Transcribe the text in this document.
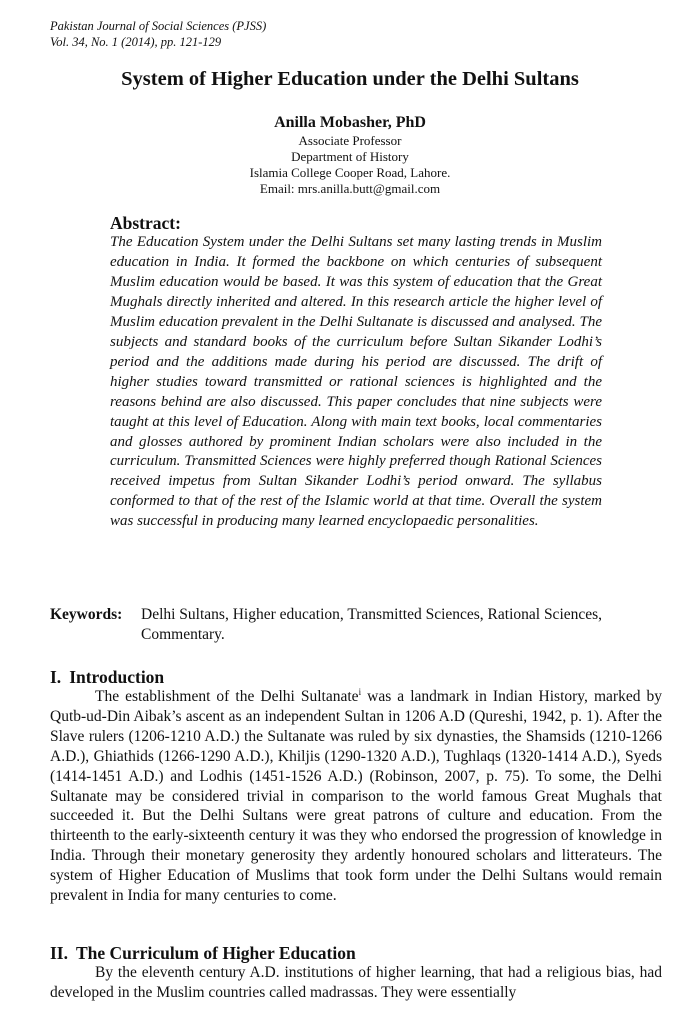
Pakistan Journal of Social Sciences (PJSS)
Vol. 34, No. 1 (2014), pp. 121-129
System of Higher Education under the Delhi Sultans
Anilla Mobasher, PhD
Associate Professor
Department of History
Islamia College Cooper Road, Lahore.
Email: mrs.anilla.butt@gmail.com
Abstract:
The Education System under the Delhi Sultans set many lasting trends in Muslim education in India. It formed the backbone on which centuries of subsequent Muslim education would be based. It was this system of education that the Great Mughals directly inherited and altered. In this research article the higher level of Muslim education prevalent in the Delhi Sultanate is discussed and analysed. The subjects and standard books of the curriculum before Sultan Sikander Lodhi’s period and the additions made during his period are discussed. The drift of higher studies toward transmitted or rational sciences is highlighted and the reasons behind are also discussed. This paper concludes that nine subjects were taught at this level of Education. Along with main text books, local commentaries and glosses authored by prominent Indian scholars were also included in the curriculum. Transmitted Sciences were highly preferred though Rational Sciences received impetus from Sultan Sikander Lodhi’s period onward. The syllabus conformed to that of the rest of the Islamic world at that time. Overall the system was successful in producing many learned encyclopaedic personalities.
Keywords:	Delhi Sultans, Higher education, Transmitted Sciences, Rational Sciences, Commentary.
I. Introduction
The establishment of the Delhi Sultanate$^i$ was a landmark in Indian History, marked by Qutb-ud-Din Aibak’s ascent as an independent Sultan in 1206 A.D (Qureshi, 1942, p. 1). After the Slave rulers (1206-1210 A.D.) the Sultanate was ruled by six dynasties, the Shamsids (1210-1266 A.D.), Ghiathids (1266-1290 A.D.), Khiljis (1290-1320 A.D.), Tughlaqs (1320-1414 A.D.), Syeds (1414-1451 A.D.) and Lodhis (1451-1526 A.D.) (Robinson, 2007, p. 75). To some, the Delhi Sultanate may be considered trivial in comparison to the world famous Great Mughals that succeeded it. But the Delhi Sultans were great patrons of culture and education. From the thirteenth to the early-sixteenth century it was they who endorsed the progression of knowledge in India. Through their monetary generosity they ardently honoured scholars and litterateurs. The system of Higher Education of Muslims that took form under the Delhi Sultans would remain prevalent in India for many centuries to come.
II. The Curriculum of Higher Education
By the eleventh century A.D. institutions of higher learning, that had a religious bias, had developed in the Muslim countries called madrassas. They were essentially
